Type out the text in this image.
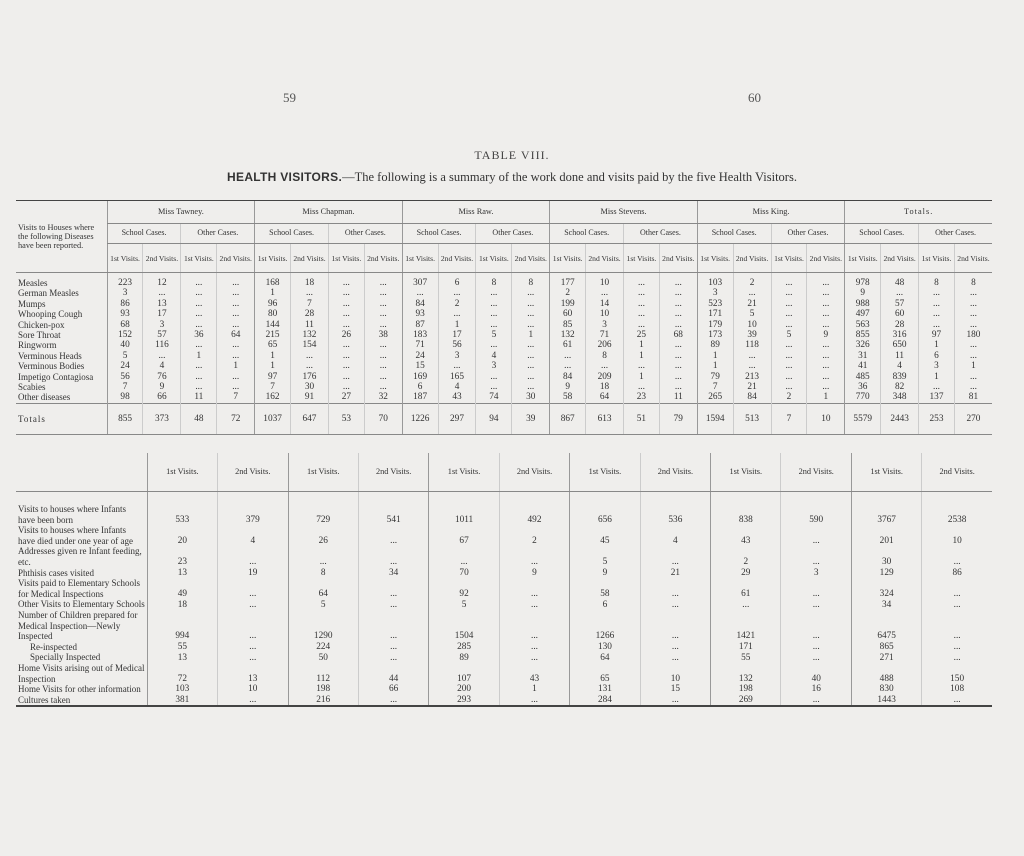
59	60
TABLE VIII.
HEALTH VISITORS.—The following is a summary of the work done and visits paid by the five Health Visitors.
Visits to Houses where the following Diseases have been reported.	Miss Tawney.				Miss Chapman.				Miss Raw.				Miss Stevens.				Miss King.				Totals.			
	School Cases.		Other Cases.		School Cases.		Other Cases.		School Cases.		Other Cases.		School Cases.		Other Cases.		School Cases.		Other Cases.		School Cases.		Other Cases.	
	1st Visits.	2nd Visits.	1st Visits.	2nd Visits.	1st Visits.	2nd Visits.	1st Visits.	2nd Visits.	1st Visits.	2nd Visits.	1st Visits.	2nd Visits.	1st Visits.	2nd Visits.	1st Visits.	2nd Visits.	1st Visits.	2nd Visits.	1st Visits.	2nd Visits.	1st Visits.	2nd Visits.	1st Visits.	2nd Visits.
Measles	223	12	...	...	168	18	...	...	307	6	8	8	177	10	...	...	103	2	...	...	978	48	8	8
German Measles	3	...	...	...	1	...	...	...	...	...	...	...	2	...	...	...	3	...	...	...	9	...	...	...
Mumps	86	13	...	...	96	7	...	...	84	2	...	...	199	14	...	...	523	21	...	...	988	57	...	...
Whooping Cough	93	17	...	...	80	28	...	...	93	...	...	...	60	10	...	...	171	5	...	...	497	60	...	...
Chicken-pox	68	3	...	...	144	11	...	...	87	1	...	...	85	3	...	...	179	10	...	...	563	28	...	...
Sore Throat	152	57	36	64	215	132	26	38	183	17	5	1	132	71	25	68	173	39	5	9	855	316	97	180
Ringworm	40	116	...	...	65	154	...	...	71	56	...	...	61	206	1	...	89	118	...	...	326	650	1	...
Verminous Heads	5	...	1	...	1	...	...	...	24	3	4	...	...	8	1	...	1	...	...	...	31	11	6	...
Verminous Bodies	24	4	...	1	1	...	...	...	15	...	3	...	...	...	...	...	1	...	...	...	41	4	3	1
Impetigo Contagiosa	56	76	...	...	97	176	...	...	169	165	...	...	84	209	1	...	79	213	...	...	485	839	1	...
Scabies	7	9	...	...	7	30	...	...	6	4	...	...	9	18	...	...	7	21	...	...	36	82	...	...
Other diseases	98	66	11	7	162	91	27	32	187	43	74	30	58	64	23	11	265	84	2	1	770	348	137	81
Totals	855	373	48	72	1037	647	53	70	1226	297	94	39	867	613	51	79	1594	513	7	10	5579	2443	253	270
	1st Visits.	2nd Visits.	1st Visits.	2nd Visits.	1st Visits.	2nd Visits.	1st Visits.	2nd Visits.	1st Visits.	2nd Visits.	1st Visits.	2nd Visits.
Visits to houses where Infants have been born	533	379	729	541	1011	492	656	536	838	590	3767	2538
Visits to houses where Infants have died under one year of age	20	4	26	...	67	2	45	4	43	...	201	10
Addresses given re Infant feeding, etc.	23	...	...	...	...	...	5	...	2	...	30	...
Phthisis cases visited	13	19	8	34	70	9	9	21	29	3	129	86
Visits paid to Elementary Schools for Medical Inspections	49	...	64	...	92	...	58	...	61	...	324	...
Other Visits to Elementary Schools	18	...	5	...	5	...	6	...	...	...	34	...
Number of Children prepared for Medical Inspection—Newly Inspected	994	...	1290	...	1504	...	1266	...	1421	...	6475	...
Re-inspected	55	...	224	...	285	...	130	...	171	...	865	...
Specially Inspected	13	...	50	...	89	...	64	...	55	...	271	...
Home Visits arising out of Medical Inspection	72	13	112	44	107	43	65	10	132	40	488	150
Home Visits for other information	103	10	198	66	200	1	131	15	198	16	830	108
Cultures taken	381	...	216	...	293	...	284	...	269	...	1443	...
